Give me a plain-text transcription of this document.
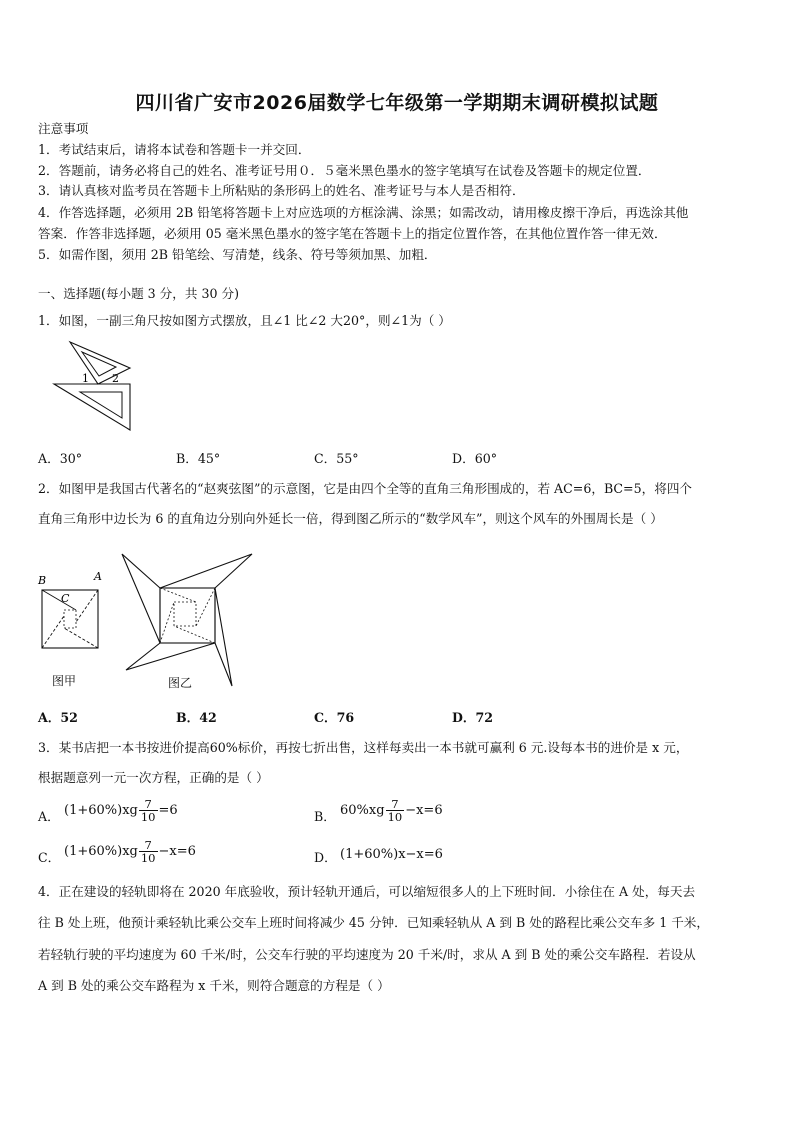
四川省广安市2026届数学七年级第一学期期末调研模拟试题
注意事项
1．考试结束后，请将本试卷和答题卡一并交回．
2．答题前，请务必将自己的姓名、准考证号用０．５毫米黑色墨水的签字笔填写在试卷及答题卡的规定位置．
3．请认真核对监考员在答题卡上所粘贴的条形码上的姓名、准考证号与本人是否相符．
4．作答选择题，必须用 2B 铅笔将答题卡上对应选项的方框涂满、涂黑；如需改动，请用橡皮擦干净后，再选涂其他
答案．作答非选择题，必须用 05 毫米黑色墨水的签字笔在答题卡上的指定位置作答，在其他位置作答一律无效．
5．如需作图，须用 2B 铅笔绘、写清楚，线条、符号等须加黑、加粗．
一、选择题(每小题 3 分，共 30 分)
1．如图，一副三角尺按如图方式摆放，且∠1 比∠2 大20°，则∠1为（ ）
1 2
A．30°	B．45°	C．55°	D．60°
2．如图甲是我国古代著名的“赵爽弦图”的示意图，它是由四个全等的直角三角形围成的，若 AC=6，BC=5，将四个
直角三角形中边长为 6 的直角边分别向外延长一倍，得到图乙所示的“数学风车”，则这个风车的外围周长是（ ）
B	A
C
图甲	图乙
A．52	B．42	C．76	D．72
3．某书店把一本书按进价提高60%标价，再按七折出售，这样每卖出一本书就可赢利 6 元.设每本书的进价是 x 元，
根据题意列一元一次方程，正确的是（ ）
A． $(1+60\%)xg \frac{7}{10} =6$	B． $60\%xg \frac{7}{10} -x=6$
C． $(1+60\%)xg \frac{7}{10} -x=6$	D． (1+60%)x−x=6
4．正在建设的轻轨即将在 2020 年底验收，预计轻轨开通后，可以缩短很多人的上下班时间．小徐住在 A 处，每天去
往 B 处上班，他预计乘轻轨比乘公交车上班时间将减少 45 分钟．已知乘轻轨从 A 到 B 处的路程比乘公交车多 1 千米，
若轻轨行驶的平均速度为 60 千米/时，公交车行驶的平均速度为 20 千米/时，求从 A 到 B 处的乘公交车路程．若设从
A 到 B 处的乘公交车路程为 x 千米，则符合题意的方程是（ ）
